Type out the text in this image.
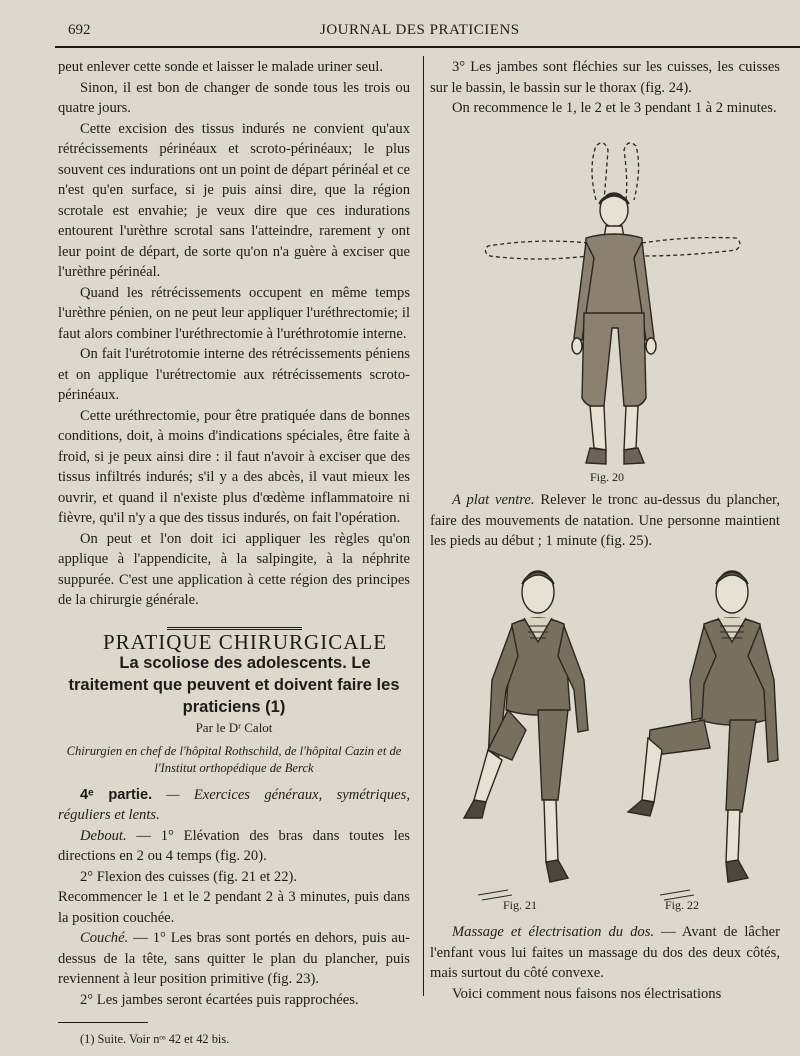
692	JOURNAL DES PRATICIENS

peut enlever cette sonde et laisser le malade uriner seul.

Sinon, il est bon de changer de sonde tous les trois ou quatre jours.

Cette excision des tissus indurés ne convient qu'aux rétrécissements périnéaux et scroto-périnéaux; le plus souvent ces indurations ont un point de départ périnéal et ce n'est qu'en surface, si je puis ainsi dire, que la région scrotale est envahie; je veux dire que ces indurations entourent l'urèthre scrotal sans l'atteindre, rarement y ont leur point de départ, de sorte qu'on n'a guère à exciser que l'urèthre périnéal.

Quand les rétrécissements occupent en même temps l'urèthre pénien, on ne peut leur appliquer l'uréthrectomie; il faut alors combiner l'uréthrectomie à l'uréthrotomie interne.

On fait l'urétrotomie interne des rétrécissements péniens et on applique l'urétrectomie aux rétrécissements scroto-périnéaux.

Cette uréthrectomie, pour être pratiquée dans de bonnes conditions, doit, à moins d'indications spéciales, être faite à froid, si je peux ainsi dire : il faut n'avoir à exciser que des tissus infiltrés indurés; s'il y a des abcès, il vaut mieux les ouvrir, et quand il n'existe plus d'œdème inflammatoire ni fièvre, qu'il n'y a que des tissus indurés, on fait l'opération.

On peut et l'on doit ici appliquer les règles qu'on applique à l'appendicite, à la salpingite, à la néphrite suppurée. C'est une application à cette région des principes de la chirurgie générale.

PRATIQUE CHIRURGICALE

La scoliose des adolescents. Le traitement que peuvent et doivent faire les praticiens (1)

Par le Dʳ Calot
Chirurgien en chef de l'hôpital Rothschild, de l'hôpital Cazin et de l'Institut orthopédique de Berck

4ᵉ partie. — Exercices généraux, symétriques, réguliers et lents.

Debout. — 1° Elévation des bras dans toutes les directions en 2 ou 4 temps (fig. 20).

2° Flexion des cuisses (fig. 21 et 22).

Recommencer le 1 et le 2 pendant 2 à 3 minutes, puis dans la position couchée.

Couché. — 1° Les bras sont portés en dehors, puis au-dessus de la tête, sans quitter le plan du plancher, puis reviennent à leur position primitive (fig. 23).

2° Les jambes seront écartées puis rapprochées.

(1) Suite. Voir nᵒˢ 42 et 42 bis.

3° Les jambes sont fléchies sur les cuisses, les cuisses sur le bassin, le bassin sur le thorax (fig. 24).

On recommence le 1, le 2 et le 3 pendant 1 à 2 minutes.

Fig. 20

A plat ventre. Relever le tronc au-dessus du plancher, faire des mouvements de natation. Une personne maintient les pieds au début ; 1 minute (fig. 25).

Fig. 21	Fig. 22

Massage et électrisation du dos. — Avant de lâcher l'enfant vous lui faites un massage du dos des deux côtés, mais surtout du côté convexe.

Voici comment nous faisons nos électrisations
